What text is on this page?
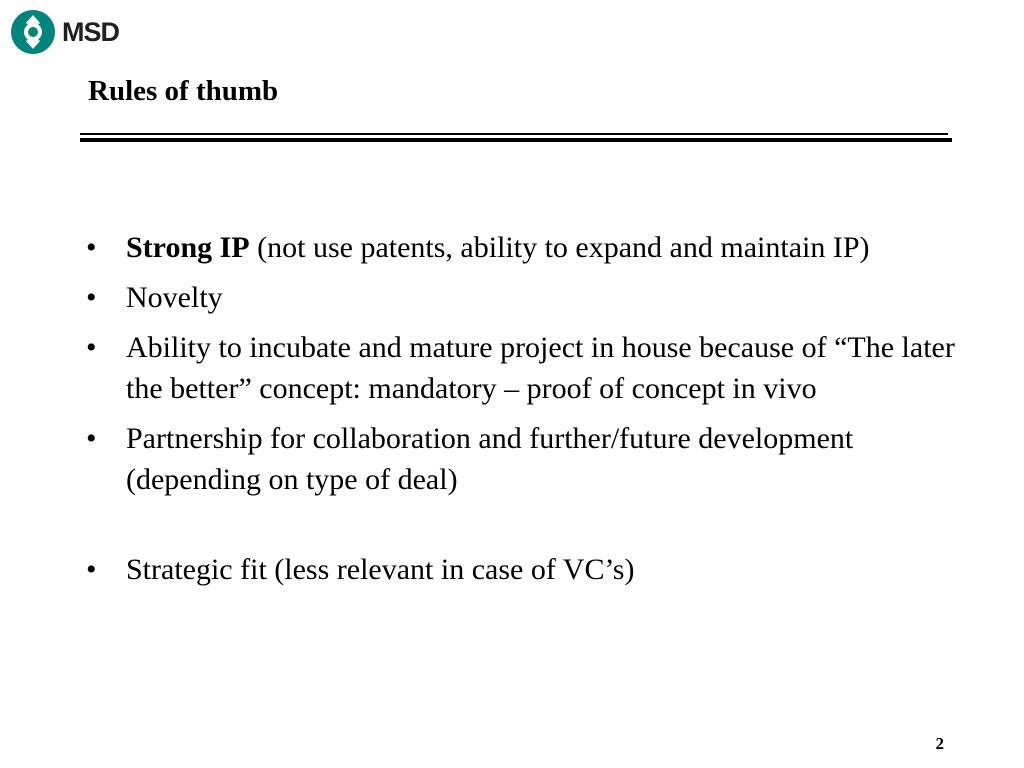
MSD
Rules of thumb
• Strong IP (not use patents, ability to expand and maintain IP)
• Novelty
• Ability to incubate and mature project in house because of “The later the better” concept: mandatory – proof of concept in vivo
• Partnership for collaboration and further/future development (depending on type of deal)
• Strategic fit (less relevant in case of VC’s)
2
